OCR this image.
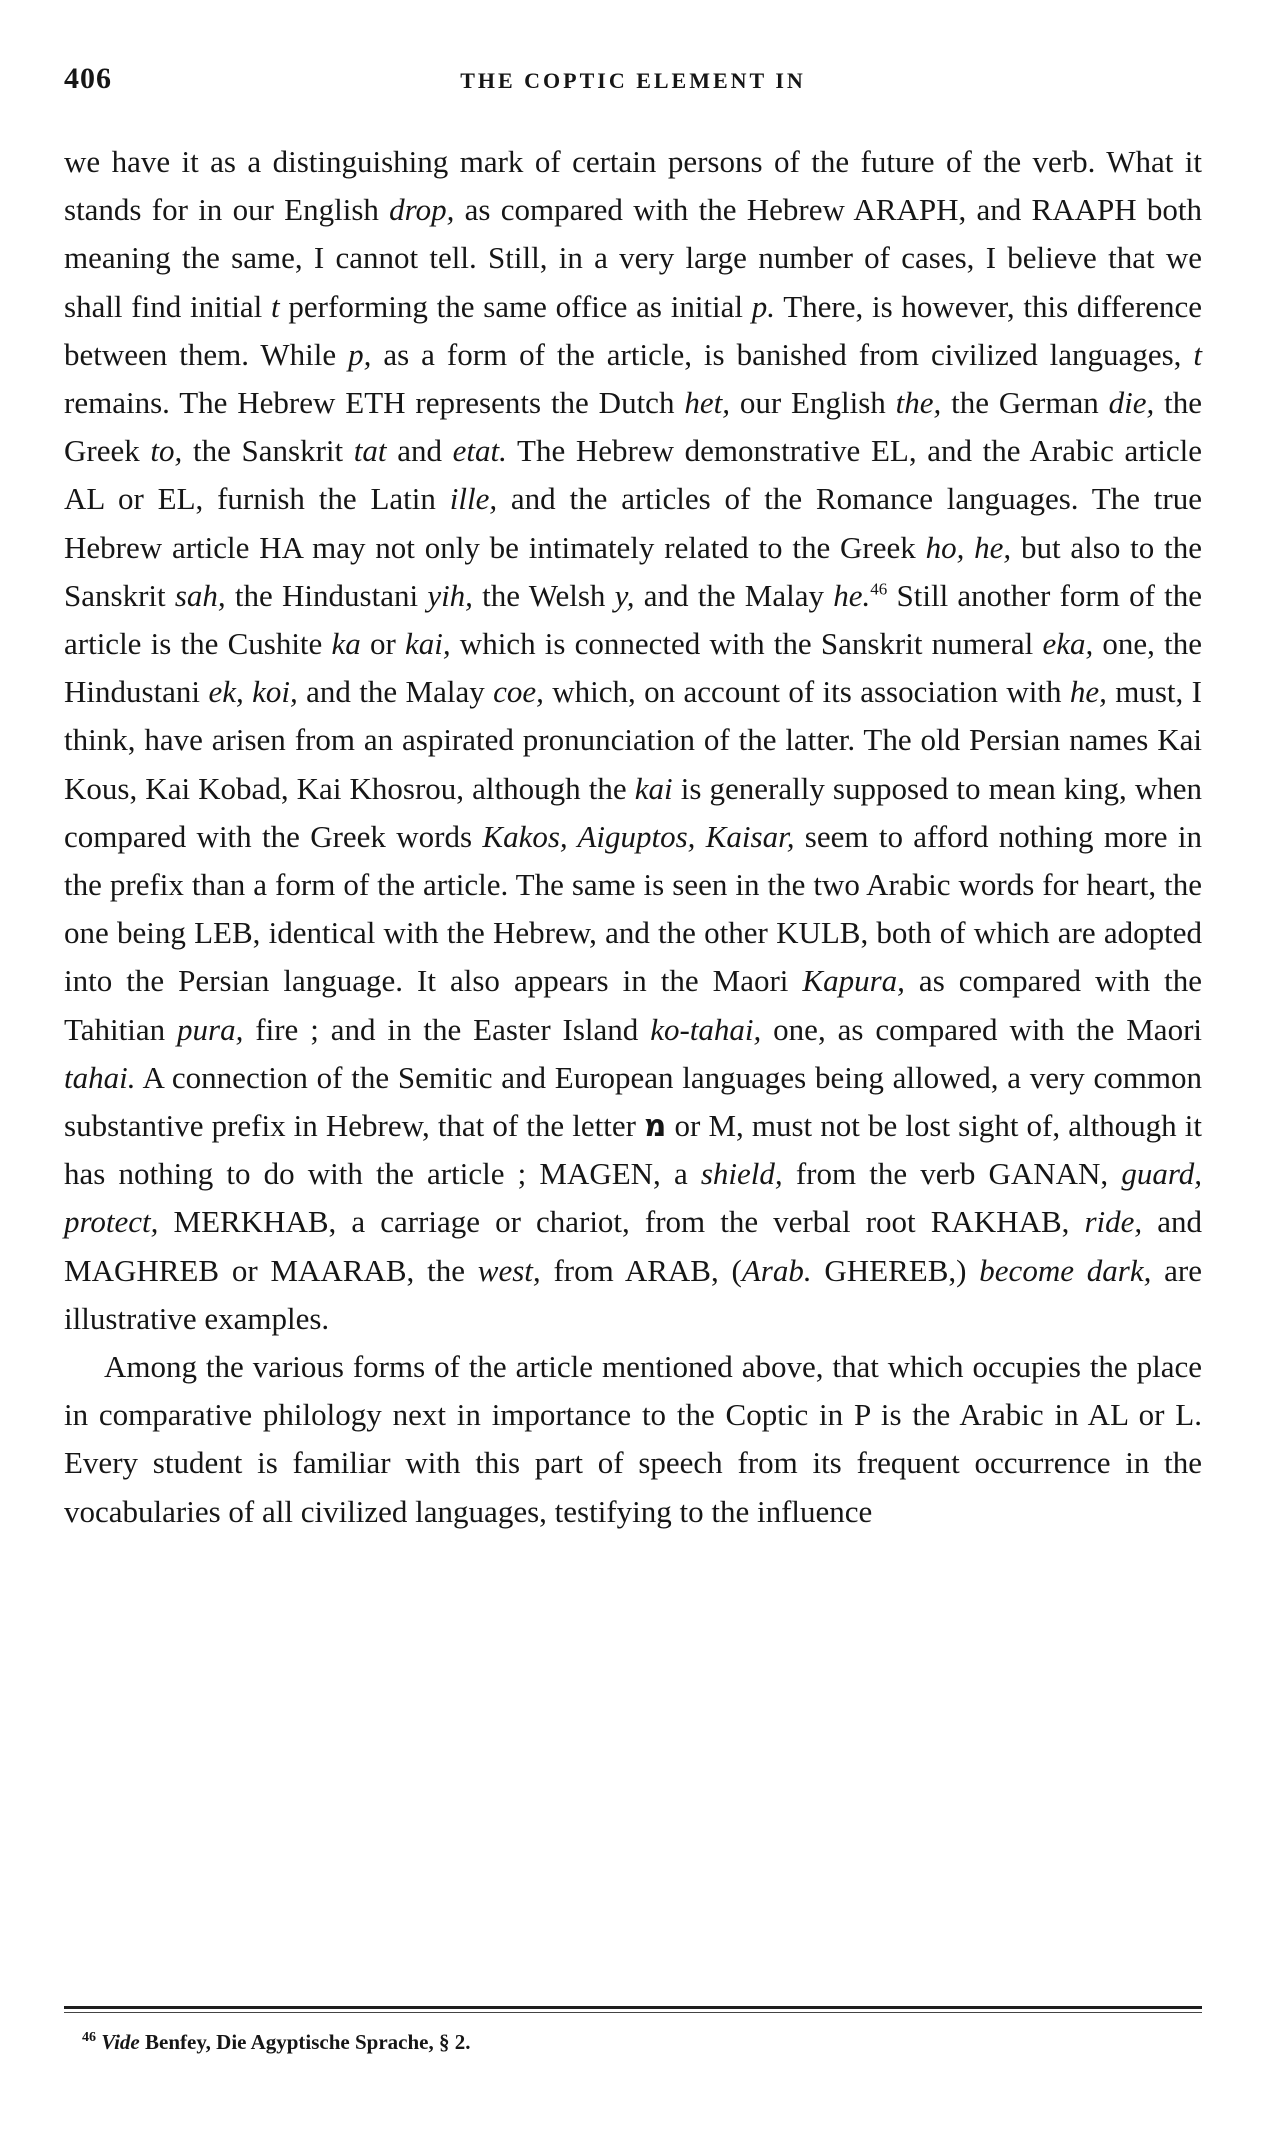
406	THE COPTIC ELEMENT IN

we have it as a distinguishing mark of certain persons of the future of the verb. What it stands for in our English drop, as compared with the Hebrew ARAPH, and RAAPH both meaning the same, I cannot tell. Still, in a very large number of cases, I believe that we shall find initial t performing the same office as initial p. There, is however, this difference between them. While p, as a form of the article, is banished from civilized languages, t remains. The Hebrew ETH represents the Dutch het, our English the, the German die, the Greek to, the Sanskrit tat and etat. The Hebrew demonstrative EL, and the Arabic article AL or EL, furnish the Latin ille, and the articles of the Romance languages. The true Hebrew article HA may not only be intimately related to the Greek ho, he, but also to the Sanskrit sah, the Hindustani yih, the Welsh y, and the Malay he.$^{46}$ Still another form of the article is the Cushite ka or kai, which is connected with the Sanskrit numeral eka, one, the Hindustani ek, koi, and the Malay coe, which, on account of its association with he, must, I think, have arisen from an aspirated pronunciation of the latter. The old Persian names Kai Kous, Kai Kobad, Kai Khosrou, although the kai is generally supposed to mean king, when compared with the Greek words Kakos, Aiguptos, Kaisar, seem to afford nothing more in the prefix than a form of the article. The same is seen in the two Arabic words for heart, the one being LEB, identical with the Hebrew, and the other KULB, both of which are adopted into the Persian language. It also appears in the Maori Kapura, as compared with the Tahitian pura, fire ; and in the Easter Island ko-tahai, one, as compared with the Maori tahai. A connection of the Semitic and European languages being allowed, a very common substantive prefix in Hebrew, that of the letter מ or M, must not be lost sight of, although it has nothing to do with the article ; MAGEN, a shield, from the verb GANAN, guard, protect, MERKHAB, a carriage or chariot, from the verbal root RAKHAB, ride, and MAGHREB or MAARAB, the west, from ARAB, (Arab. GHEREB,) become dark, are illustrative examples.

Among the various forms of the article mentioned above, that which occupies the place in comparative philology next in importance to the Coptic in P is the Arabic in AL or L. Every student is familiar with this part of speech from its frequent occurrence in the vocabularies of all civilized languages, testifying to the influence

$^{46}$ Vide Benfey, Die Agyptische Sprache, § 2.
